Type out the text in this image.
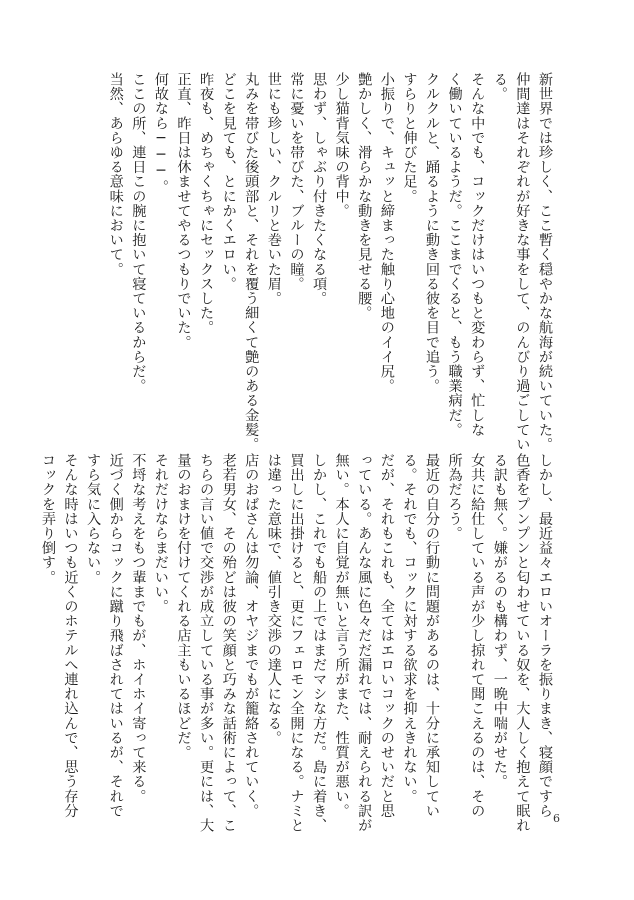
新世界では珍しく、ここ暫く穏やかな航海が続いていた。
仲間達はそれぞれが好きな事をして、のんびり過ごしてい
る。
そんな中でも、コックだけはいつもと変わらず、忙しな
く働いているようだ。ここまでくると、もう職業病だ。
クルクルと、踊るように動き回る彼を目で追う。
すらりと伸びた足。
小振りで、キュッと締まった触り心地のイイ尻。
艶かしく、滑らかな動きを見せる腰。
少し猫背気味の背中。
思わず、しゃぶり付きたくなる項。
常に憂いを帯びた、ブルーの瞳。
世にも珍しい、クルリと巻いた眉。
丸みを帯びた後頭部と、それを覆う細くて艶のある金髪。
どこを見ても、とにかくエロい。
昨夜も、めちゃくちゃにセックスした。
正直、昨日は休ませてやるつもりでいた。
何故なら───。
ここの所、連日この腕に抱いて寝ているからだ。
当然、あらゆる意味において。
しかし、最近益々エロいオーラを振りまき、寝顔ですら
色香をプンプンと匂わせている奴を、大人しく抱えて眠れ
る訳も無く。嫌がるのも構わず、一晩中喘がせた。
女共に給仕している声が少し掠れて聞こえるのは、その
所為だろう。
最近の自分の行動に問題があるのは、十分に承知してい
る。それでも、コックに対する欲求を抑えきれない。
だが、それもこれも、全てはエロいコックのせいだと思
っている。あんな風に色々だだ漏れでは、耐えられる訳が
無い。本人に自覚が無いと言う所がまた、性質が悪い。
しかし、これでも船の上ではまだマシな方だ。島に着き、
買出しに出掛けると、更にフェロモン全開になる。ナミと
は違った意味で、値引き交渉の達人になる。
店のおばさんは勿論、オヤジまでもが籠絡されていく。
老若男女、その殆どは彼の笑顔と巧みな話術によって、こ
ちらの言い値で交渉が成立している事が多い。更には、大
量のおまけを付けてくれる店主もいるほどだ。
それだけならまだいい。
不埒な考えをもつ輩までもが、ホイホイ寄って来る。
近づく側からコックに蹴り飛ばされてはいるが、それで
すら気に入らない。
そんな時はいつも近くのホテルへ連れ込んで、思う存分
コックを弄り倒す。
6
